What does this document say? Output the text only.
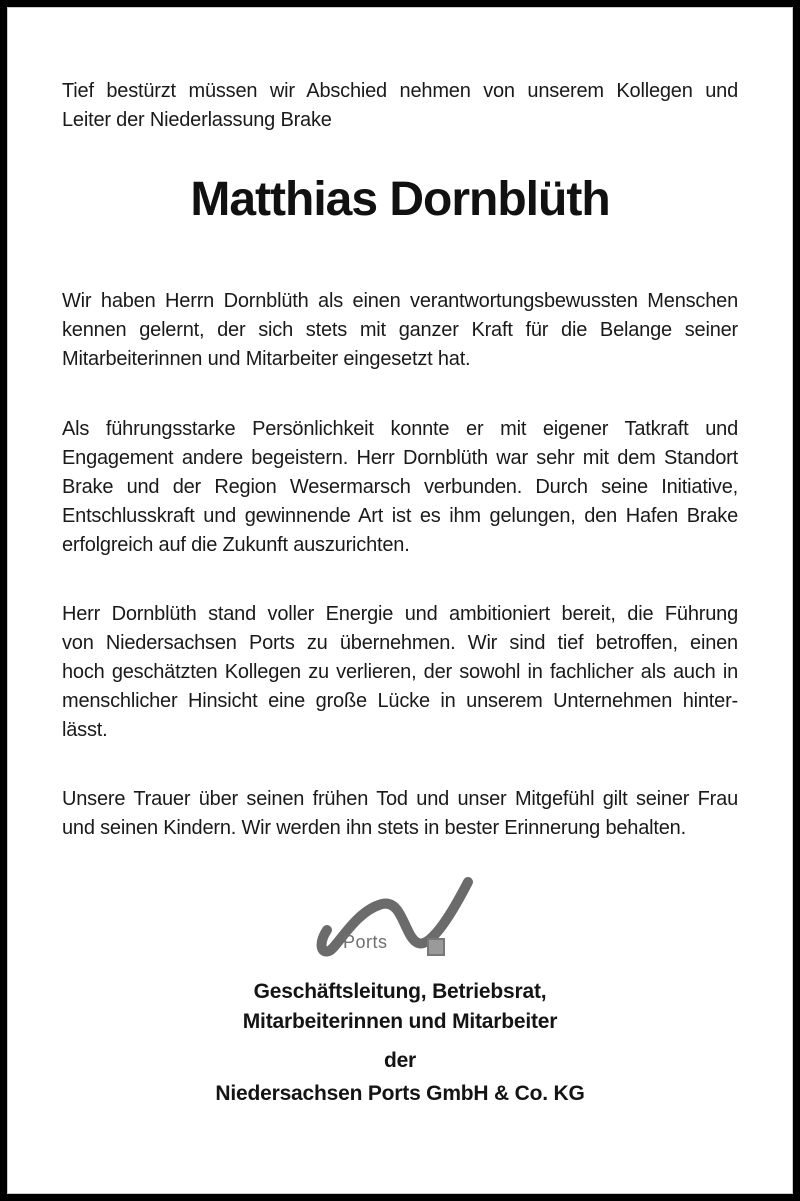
Tief bestürzt müssen wir Abschied nehmen von unserem Kollegen und
Leiter der Niederlassung Brake
Matthias Dornblüth
Wir haben Herrn Dornblüth als einen verantwortungsbewussten Menschen
kennen gelernt, der sich stets mit ganzer Kraft für die Belange seiner
Mitarbeiterinnen und Mitarbeiter eingesetzt hat.
Als führungsstarke Persönlichkeit konnte er mit eigener Tatkraft und
Engagement andere begeistern. Herr Dornblüth war sehr mit dem Standort
Brake und der Region Wesermarsch verbunden. Durch seine Initiative,
Entschlusskraft und gewinnende Art ist es ihm gelungen, den Hafen Brake
erfolgreich auf die Zukunft auszurichten.
Herr Dornblüth stand voller Energie und ambitioniert bereit, die Führung
von Niedersachsen Ports zu übernehmen. Wir sind tief betroffen, einen
hoch geschätzten Kollegen zu verlieren, der sowohl in fachlicher als auch in
menschlicher Hinsicht eine große Lücke in unserem Unternehmen hinter-
lässt.
Unsere Trauer über seinen frühen Tod und unser Mitgefühl gilt seiner Frau
und seinen Kindern. Wir werden ihn stets in bester Erinnerung behalten.
Ports
Geschäftsleitung, Betriebsrat,
Mitarbeiterinnen und Mitarbeiter
der
Niedersachsen Ports GmbH & Co. KG
